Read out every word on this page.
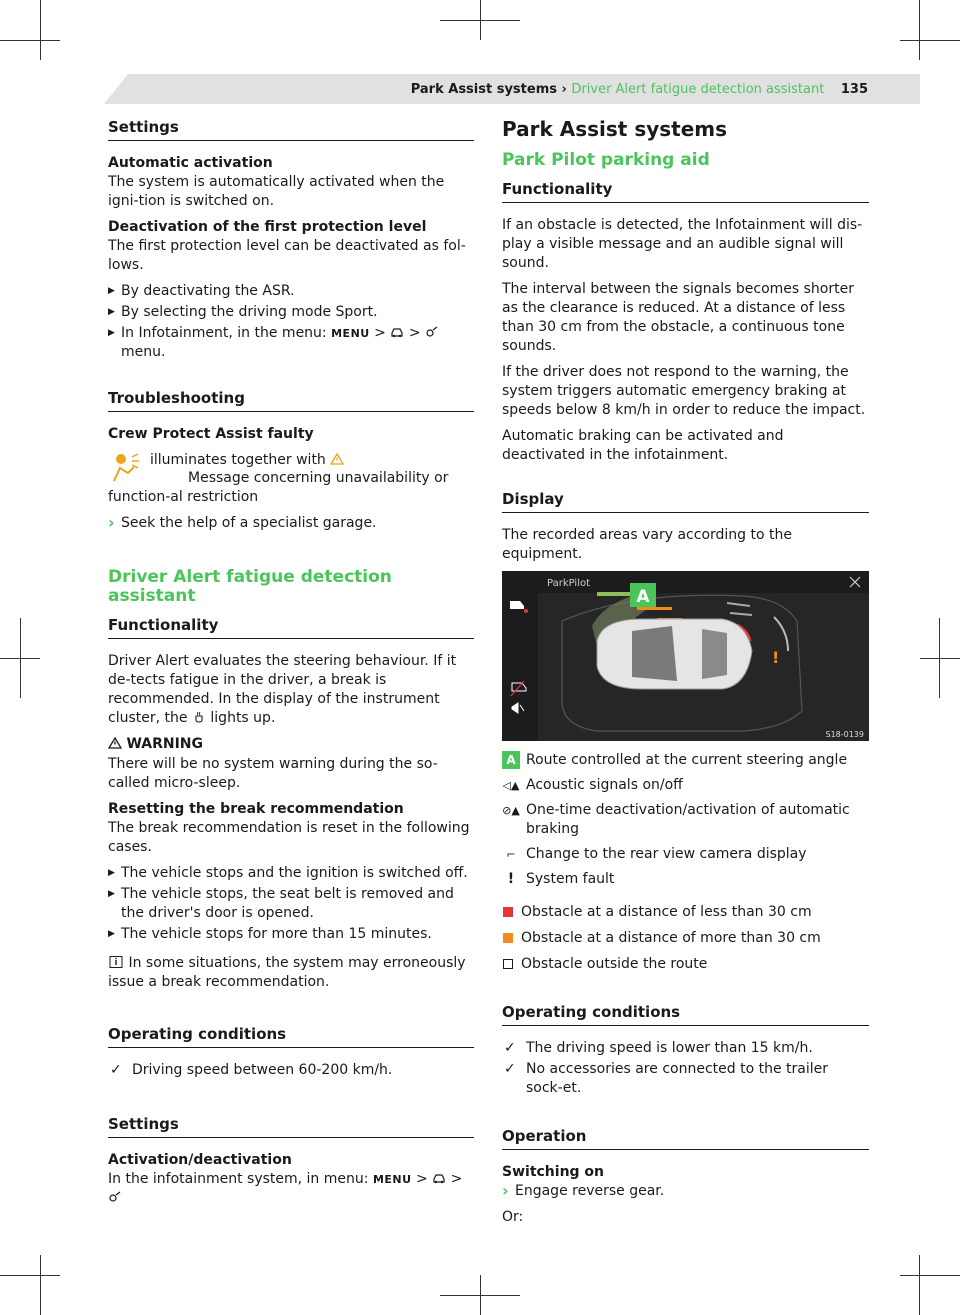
Park Assist systems › Driver Alert fatigue detection assistant 135
Settings

Automatic activation
The system is automatically activated when the igni-tion is switched on.

Deactivation of the first protection level
The first protection level can be deactivated as fol-lows.

▶ By deactivating the ASR.
▶ By selecting the driving mode Sport.
▶ In Infotainment, in the menu: MENU > >  menu.
Troubleshooting

Crew Protect Assist faulty

illuminates together with

Message concerning unavailability or function-al restriction
› Seek the help of a specialist garage.
Driver Alert fatigue detection assistant
Functionality

Driver Alert evaluates the steering behaviour. If it de-tects fatigue in the driver, a break is recommended. In the display of the instrument cluster, the lights up.

WARNING

There will be no system warning during the so-called micro-sleep.

Resetting the break recommendation
The break recommendation is reset in the following cases.

▶ The vehicle stops and the ignition is switched off.
▶ The vehicle stops, the seat belt is removed and the driver's door is opened.
▶ The vehicle stops for more than 15 minutes.

In some situations, the system may erroneously issue a break recommendation.

Operating conditions
✓ Driving speed between 60-200 km/h.
Settings

Activation/deactivation
In the infotainment system, in menu: MENU > >

Park Assist systems
Park Pilot parking aid
Functionality

If an obstacle is detected, the Infotainment will dis-play a visible message and an audible signal will sound.

The interval between the signals becomes shorter as the clearance is reduced. At a distance of less than 30 cm from the obstacle, a continuous tone sounds.

If the driver does not respond to the warning, the system triggers automatic emergency braking at speeds below 8 km/h in order to reduce the impact.

Automatic braking can be activated and deactivated in the infotainment.

Display

The recorded areas vary according to the equipment.

ParkPilot
A
!
S18-0139
A Route controlled at the current steering angle
◁▲ Acoustic signals on/off
⊘▲ One-time deactivation/activation of automatic braking
⌐ Change to the rear view camera display
! System fault
Obstacle at a distance of less than 30 cm
Obstacle at a distance of more than 30 cm
Obstacle outside the route
Operating conditions
✓ The driving speed is lower than 15 km/h.
✓ No accessories are connected to the trailer sock-et.
Operation

Switching on

› Engage reverse gear.

Or:
